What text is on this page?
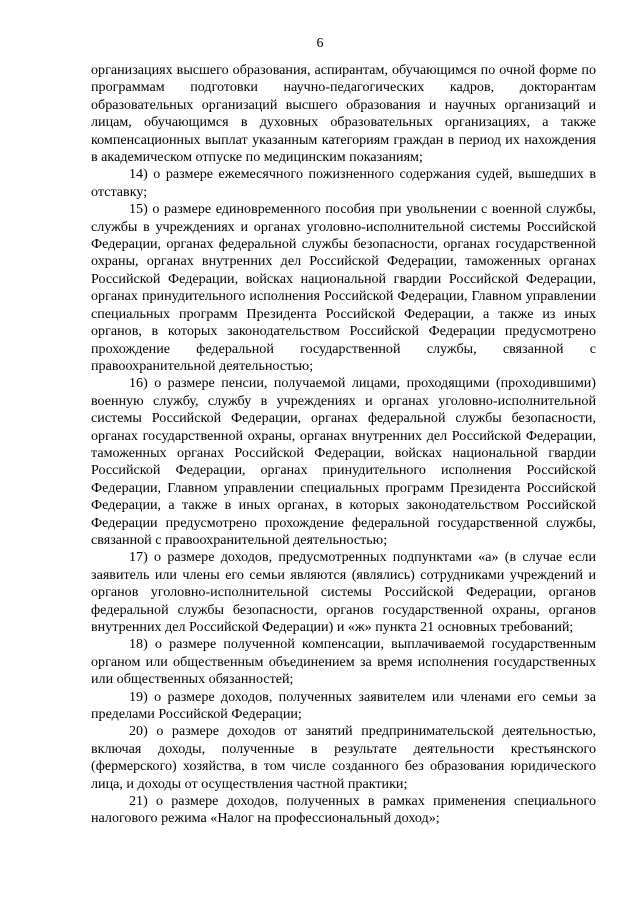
6

организациях высшего образования, аспирантам, обучающимся по очной форме по программам подготовки научно-педагогических кадров, докторантам образовательных организаций высшего образования и научных организаций и лицам, обучающимся в духовных образовательных организациях, а также компенсационных выплат указанным категориям граждан в период их нахождения в академическом отпуске по медицинским показаниям;

14) о размере ежемесячного пожизненного содержания судей, вышедших в отставку;

15) о размере единовременного пособия при увольнении с военной службы, службы в учреждениях и органах уголовно-исполнительной системы Российской Федерации, органах федеральной службы безопасности, органах государственной охраны, органах внутренних дел Российской Федерации, таможенных органах Российской Федерации, войсках национальной гвардии Российской Федерации, органах принудительного исполнения Российской Федерации, Главном управлении специальных программ Президента Российской Федерации, а также из иных органов, в которых законодательством Российской Федерации предусмотрено прохождение федеральной государственной службы, связанной с правоохранительной деятельностью;

16) о размере пенсии, получаемой лицами, проходящими (проходившими) военную службу, службу в учреждениях и органах уголовно-исполнительной системы Российской Федерации, органах федеральной службы безопасности, органах государственной охраны, органах внутренних дел Российской Федерации, таможенных органах Российской Федерации, войсках национальной гвардии Российской Федерации, органах принудительного исполнения Российской Федерации, Главном управлении специальных программ Президента Российской Федерации, а также в иных органах, в которых законодательством Российской Федерации предусмотрено прохождение федеральной государственной службы, связанной с правоохранительной деятельностью;

17) о размере доходов, предусмотренных подпунктами «а» (в случае если заявитель или члены его семьи являются (являлись) сотрудниками учреждений и органов уголовно-исполнительной системы Российской Федерации, органов федеральной службы безопасности, органов государственной охраны, органов внутренних дел Российской Федерации) и «ж» пункта 21 основных требований;

18) о размере полученной компенсации, выплачиваемой государственным органом или общественным объединением за время исполнения государственных или общественных обязанностей;

19) о размере доходов, полученных заявителем или членами его семьи за пределами Российской Федерации;

20) о размере доходов от занятий предпринимательской деятельностью, включая доходы, полученные в результате деятельности крестьянского (фермерского) хозяйства, в том числе созданного без образования юридического лица, и доходы от осуществления частной практики;

21) о размере доходов, полученных в рамках применения специального налогового режима «Налог на профессиональный доход»;
